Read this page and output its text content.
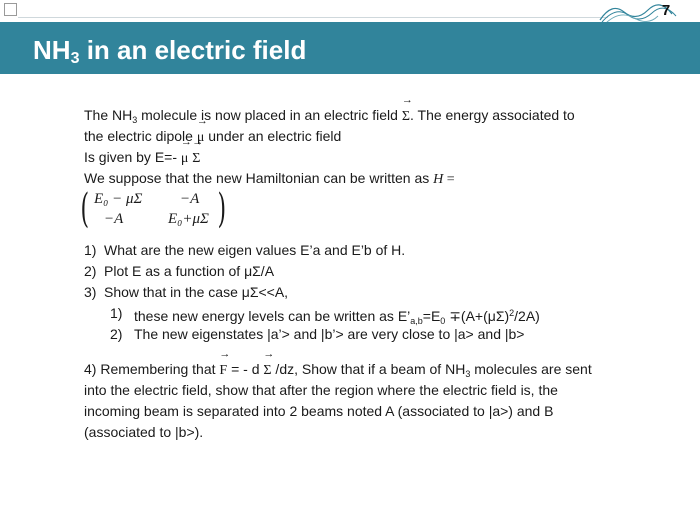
7
$NH_3$ in an electric field
The $NH_3$ molecule is now placed in an electric field → Σ. The energy associated to
the electric dipole → μ under an electric field
Is given by E=- → μ → Σ
We suppose that the new Hamiltonian can be written as H =
( E₀ − μΣ	−A
−A	E₀+μΣ )
1) What are the new eigen values E’a and E’b of H.
2) Plot E as a function of μΣ/A
3) Show that in the case μΣ<<A,
1) these new energy levels can be written as $E’_{a,b}=E_0 \mp(A+(\mu\Sigma)^2/2A)$
2) The new eigenstates |a’> and |b’> are very close to |a> and |b>
4) Remembering that → F = - d → Σ /dz, Show that if a beam of $NH_3$ molecules are sent
into the electric field, show that after the region where the electric field is, the
incoming beam is separated into 2 beams noted A (associated to |a>) and B
(associated to |b>).
